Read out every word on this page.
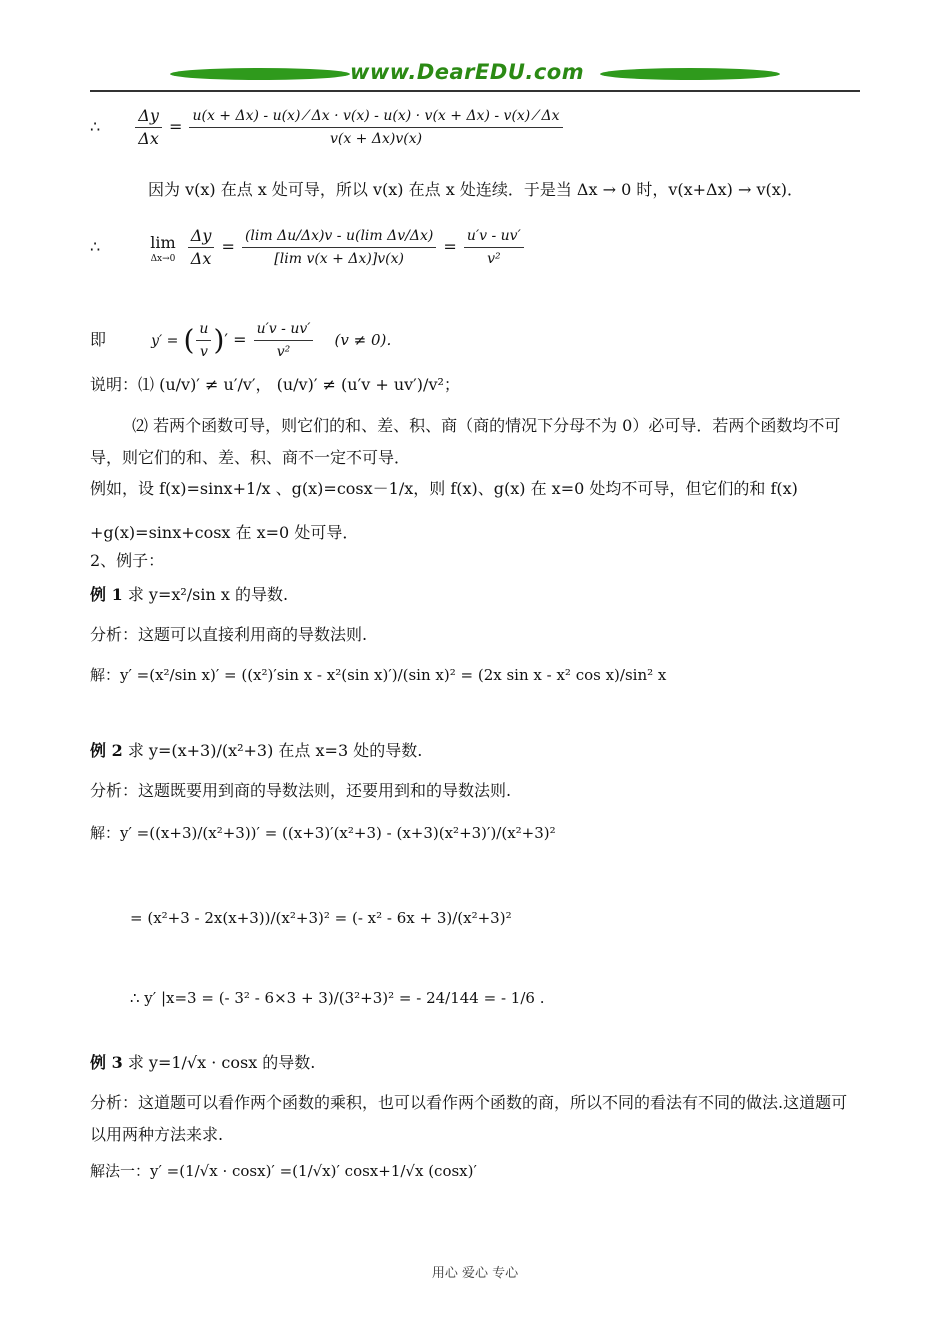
www.DearEDU.com
∴ $\frac{\Delta y}{\Delta x} = \frac{u(x + \Delta x) - u(x) ⁄ \Delta x \cdot v(x) - u(x) \cdot v(x + \Delta x) - v(x) ⁄ \Delta x}{v(x + \Delta x)v(x)}$
因为 v(x) 在点 x 处可导，所以 v(x) 在点 x 处连续．于是当 Δx → 0 时，v(x+Δx) → v(x)．
∴	lim
Δx→0
$\frac{\Delta y}{\Delta x} = \frac{\text{(lim Δu/Δx)v - u(lim Δv/Δx)}}{\text{[lim v(x + Δx)]v(x)}} = \frac{u'v - uv'}{\text{v²}}$
即	y′ = ( $\frac{u}{v}$ )′ = $\frac{u'v - uv'}{\text{v²}} (v \ne 0)$．
说明：⑴ (u/v)′ ≠ u′/v′， (u/v)′ ≠ (u′v + uv′)/v²；
⑵ 若两个函数可导，则它们的和、差、积、商（商的情况下分母不为 0）必可导．若两个函数均不可导，则它们的和、差、积、商不一定不可导．
例如，设 f(x)=sinx+1/x 、g(x)=cosx－1/x，则 f(x)、g(x) 在 x=0 处均不可导，但它们的和 f(x)
+g(x)=sinx+cosx 在 x=0 处可导．
2、例子：
例 1 求 y=x²/sin x 的导数.
分析：这题可以直接利用商的导数法则.
解：y′ =(x²/sin x)′ = ((x²)′sin x - x²(sin x)′)/(sin x)² = (2x sin x - x² cos x)/sin² x
例 2 求 y=(x+3)/(x²+3) 在点 x=3 处的导数.
分析：这题既要用到商的导数法则，还要用到和的导数法则.
解：y′ =((x+3)/(x²+3))′ = ((x+3)′(x²+3) - (x+3)(x²+3)′)/(x²+3)²
= (x²+3 - 2x(x+3))/(x²+3)² = (- x² - 6x + 3)/(x²+3)²
∴ y′ |x=3 = (- 3² - 6×3 + 3)/(3²+3)² = - 24/144 = - 1/6 .
例 3 求 y=1/√x · cosx 的导数.
分析：这道题可以看作两个函数的乘积，也可以看作两个函数的商，所以不同的看法有不同的做法.这道题可以用两种方法来求.
解法一：y′ =(1/√x · cosx)′ =(1/√x)′ cosx+1/√x (cosx)′
用心 爱心 专心
